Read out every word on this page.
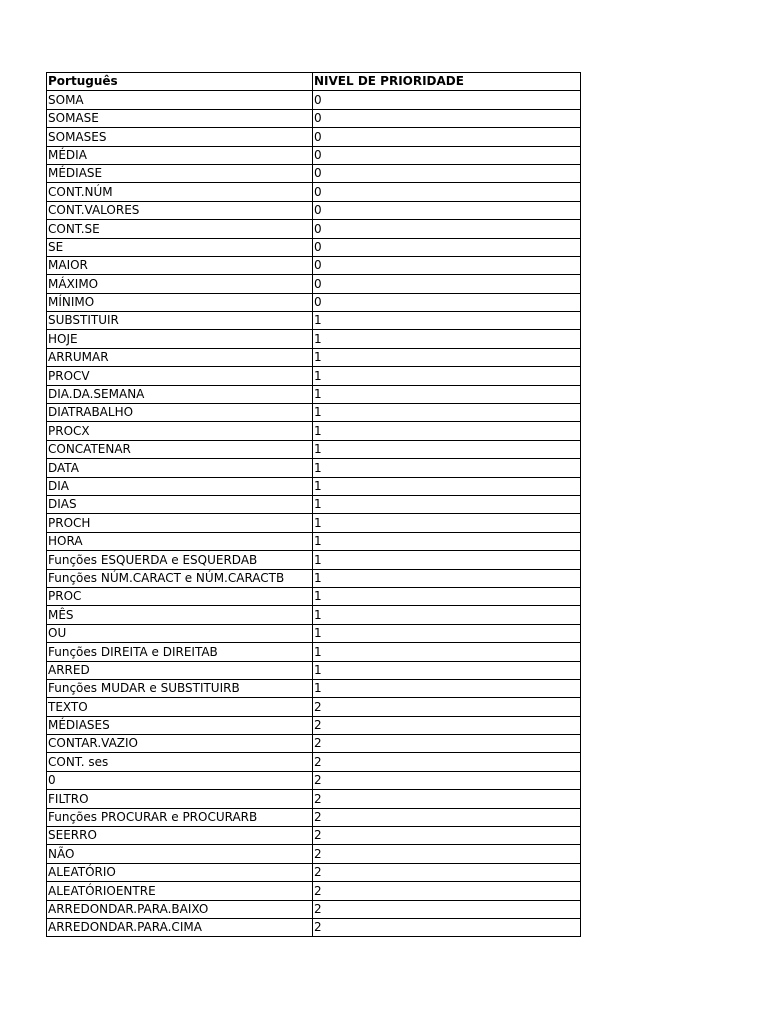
Português	NIVEL DE PRIORIDADE
SOMA	0
SOMASE	0
SOMASES	0
MÉDIA	0
MÉDIASE	0
CONT.NÚM	0
CONT.VALORES	0
CONT.SE	0
SE	0
MAIOR	0
MÁXIMO	0
MÍNIMO	0
SUBSTITUIR	1
HOJE	1
ARRUMAR	1
PROCV	1
DIA.DA.SEMANA	1
DIATRABALHO	1
PROCX	1
CONCATENAR	1
DATA	1
DIA	1
DIAS	1
PROCH	1
HORA	1
Funções ESQUERDA e ESQUERDAB	1
Funções NÚM.CARACT e NÚM.CARACTB	1
PROC	1
MÊS	1
OU	1
Funções DIREITA e DIREITAB	1
ARRED	1
Funções MUDAR e SUBSTITUIRB	1
TEXTO	2
MÉDIASES	2
CONTAR.VAZIO	2
CONT. ses	2
0	2
FILTRO	2
Funções PROCURAR e PROCURARB	2
SEERRO	2
NÃO	2
ALEATÓRIO	2
ALEATÓRIOENTRE	2
ARREDONDAR.PARA.BAIXO	2
ARREDONDAR.PARA.CIMA	2
